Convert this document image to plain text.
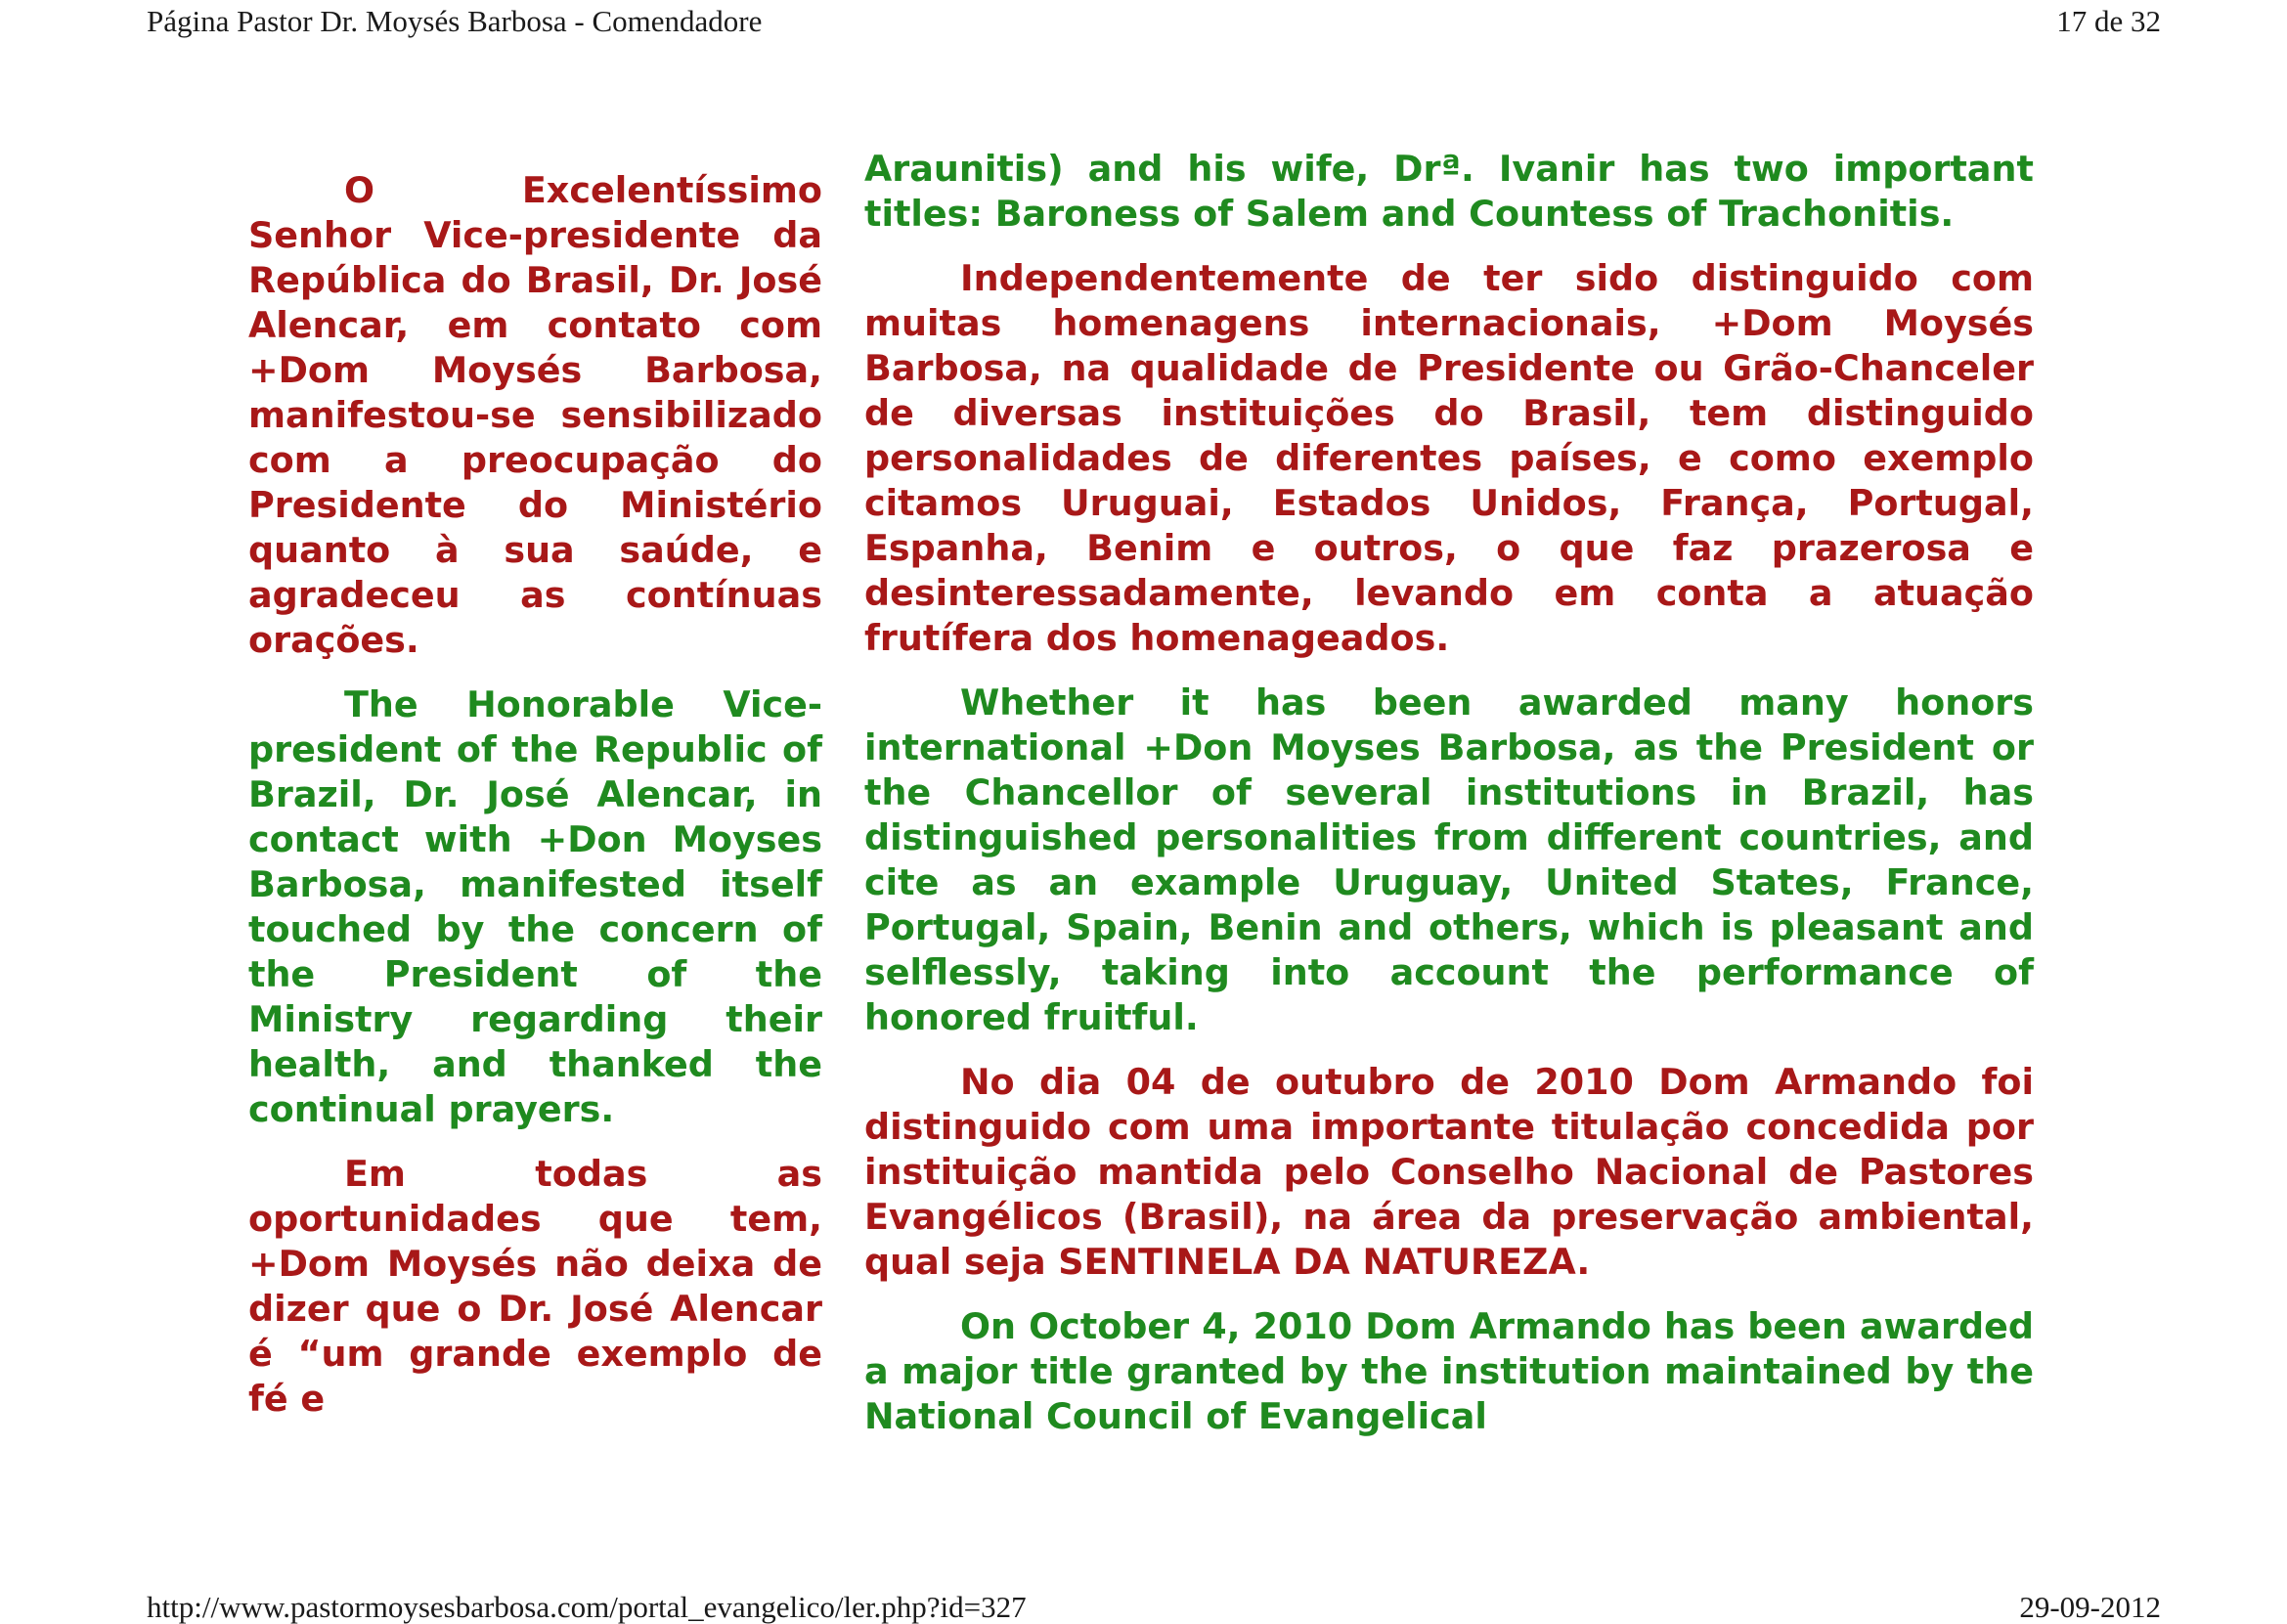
Página Pastor Dr. Moysés Barbosa - Comendadore	17 de 32

O Excelentíssimo Senhor Vice-presidente da República do Brasil, Dr. José Alencar, em contato com +Dom Moysés Barbosa, manifestou-se sensibilizado com a preocupação do Presidente do Ministério quanto à sua saúde, e agradeceu as contínuas orações.

The Honorable Vice-president of the Republic of Brazil, Dr. José Alencar, in contact with +Don Moyses Barbosa, manifested itself touched by the concern of the President of the Ministry regarding their health, and thanked the continual prayers.

Em todas as oportunidades que tem, +Dom Moysés não deixa de dizer que o Dr. José Alencar é “um grande exemplo de fé e

Araunitis) and his wife, Drª. Ivanir has two important titles: Baroness of Salem and Countess of Trachonitis.

Independentemente de ter sido distinguido com muitas homenagens internacionais, +Dom Moysés Barbosa, na qualidade de Presidente ou Grão-Chanceler de diversas instituições do Brasil, tem distinguido personalidades de diferentes países, e como exemplo citamos Uruguai, Estados Unidos, França, Portugal, Espanha, Benim e outros, o que faz prazerosa e desinteressadamente, levando em conta a atuação frutífera dos homenageados.

Whether it has been awarded many honors international +Don Moyses Barbosa, as the President or the Chancellor of several institutions in Brazil, has distinguished personalities from different countries, and cite as an example Uruguay, United States, France, Portugal, Spain, Benin and others, which is pleasant and selflessly, taking into account the performance of honored fruitful.

No dia 04 de outubro de 2010 Dom Armando foi distinguido com uma importante titulação concedida por instituição mantida pelo Conselho Nacional de Pastores Evangélicos (Brasil), na área da preservação ambiental, qual seja SENTINELA DA NATUREZA.

On October 4, 2010 Dom Armando has been awarded a major title granted by the institution maintained by the National Council of Evangelical

http://www.pastormoysesbarbosa.com/portal_evangelico/ler.php?id=327	29-09-2012
